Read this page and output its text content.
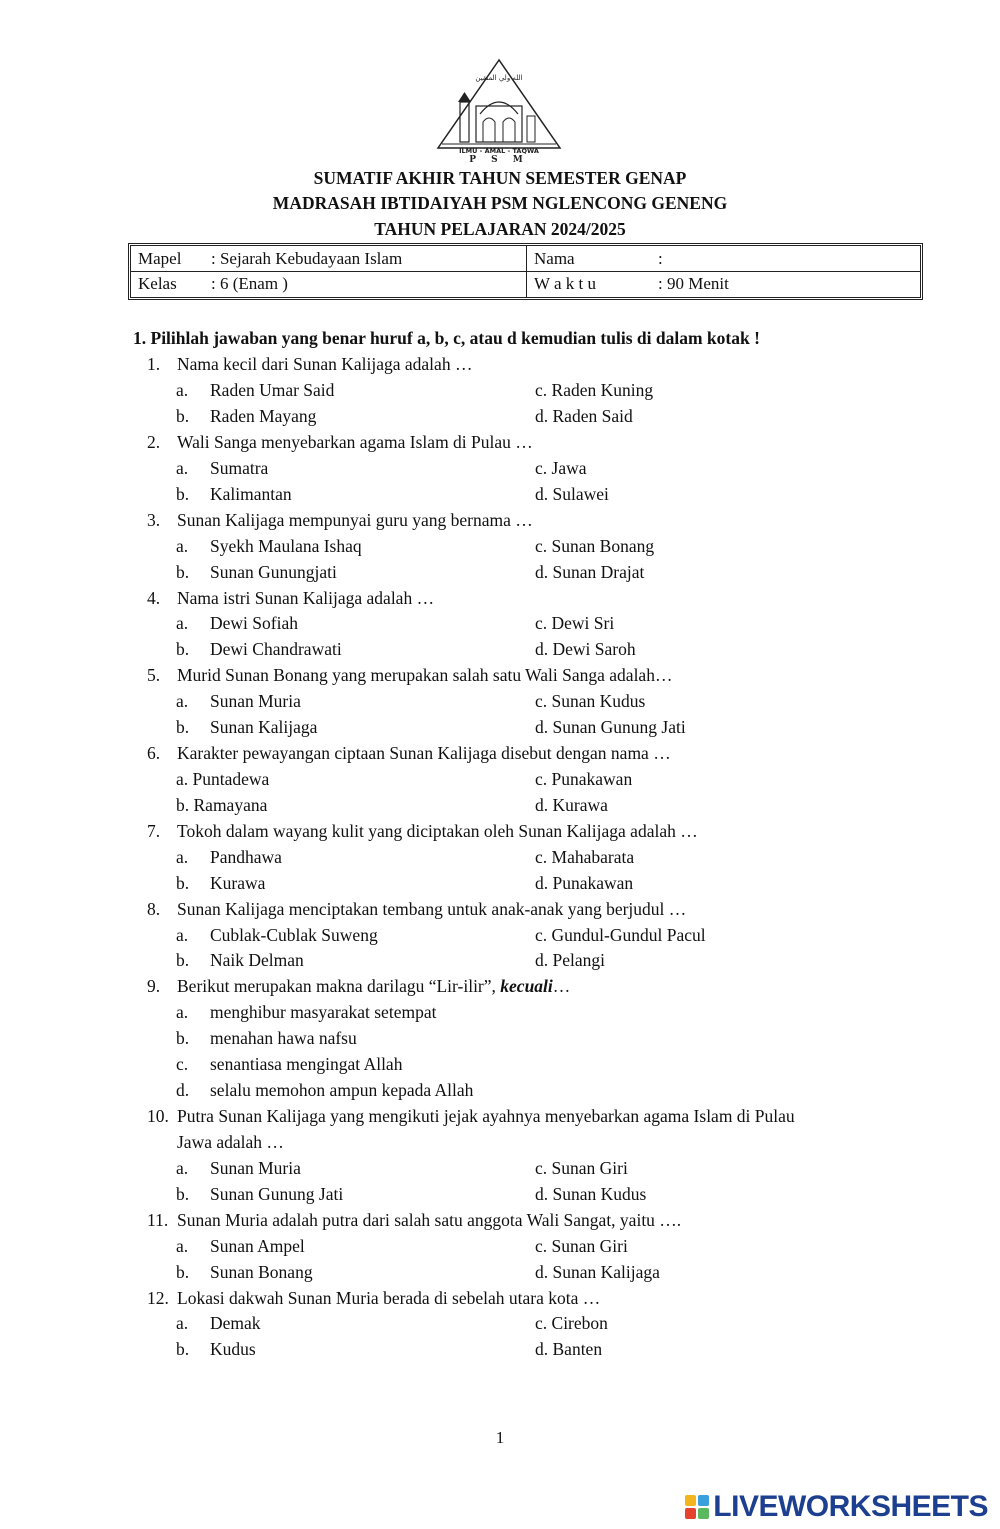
الله ولي المتقين
ILMU - AMAL - TAQWA
P S M
SUMATIF AKHIR TAHUN SEMESTER GENAP
MADRASAH IBTIDAIYAH PSM NGLENCONG GENENG
TAHUN PELAJARAN 2024/2025
Mapel : Sejarah Kebudayaan Islam
Kelas : 6 (Enam )
Nama	:
W a k t u	: 90 Menit
1. Pilihlah jawaban yang benar huruf a, b, c, atau d kemudian tulis di dalam kotak !
1. Nama kecil dari Sunan Kalijaga adalah …
a. Raden Umar Said
b. Raden Mayang
c. Raden Kuning
d. Raden Said
2. Wali Sanga menyebarkan agama Islam di Pulau …
a. Sumatra
b. Kalimantan
c. Jawa
d. Sulawei
3. Sunan Kalijaga mempunyai guru yang bernama …
a. Syekh Maulana Ishaq
b. Sunan Gunungjati
c. Sunan Bonang
d. Sunan Drajat
4. Nama istri Sunan Kalijaga adalah …
a. Dewi Sofiah
b. Dewi Chandrawati
c. Dewi Sri
d. Dewi Saroh
5. Murid Sunan Bonang yang merupakan salah satu Wali Sanga adalah…
a. Sunan Muria
b. Sunan Kalijaga
c. Sunan Kudus
d. Sunan Gunung Jati
6. Karakter pewayangan ciptaan Sunan Kalijaga disebut dengan nama …
a. Puntadewa
b. Ramayana
c. Punakawan
d. Kurawa
7. Tokoh dalam wayang kulit yang diciptakan oleh Sunan Kalijaga adalah …
a. Pandhawa
b. Kurawa
c. Mahabarata
d. Punakawan
8. Sunan Kalijaga menciptakan tembang untuk anak-anak yang berjudul …
a. Cublak-Cublak Suweng
b. Naik Delman
c. Gundul-Gundul Pacul
d. Pelangi
9. Berikut merupakan makna darilagu “Lir-ilir”, kecuali…
a. menghibur masyarakat setempat
b. menahan hawa nafsu
c. senantiasa mengingat Allah
d. selalu memohon ampun kepada Allah
10. Putra Sunan Kalijaga yang mengikuti jejak ayahnya menyebarkan agama Islam di Pulau
Jawa adalah …
a. Sunan Muria
b. Sunan Gunung Jati
c. Sunan Giri
d. Sunan Kudus
11. Sunan Muria adalah putra dari salah satu anggota Wali Sangat, yaitu ….
a. Sunan Ampel
b. Sunan Bonang
c. Sunan Giri
d. Sunan Kalijaga
12. Lokasi dakwah Sunan Muria berada di sebelah utara kota …
a. Demak
b. Kudus
c. Cirebon
d. Banten
1
LIVEWORKSHEETS
